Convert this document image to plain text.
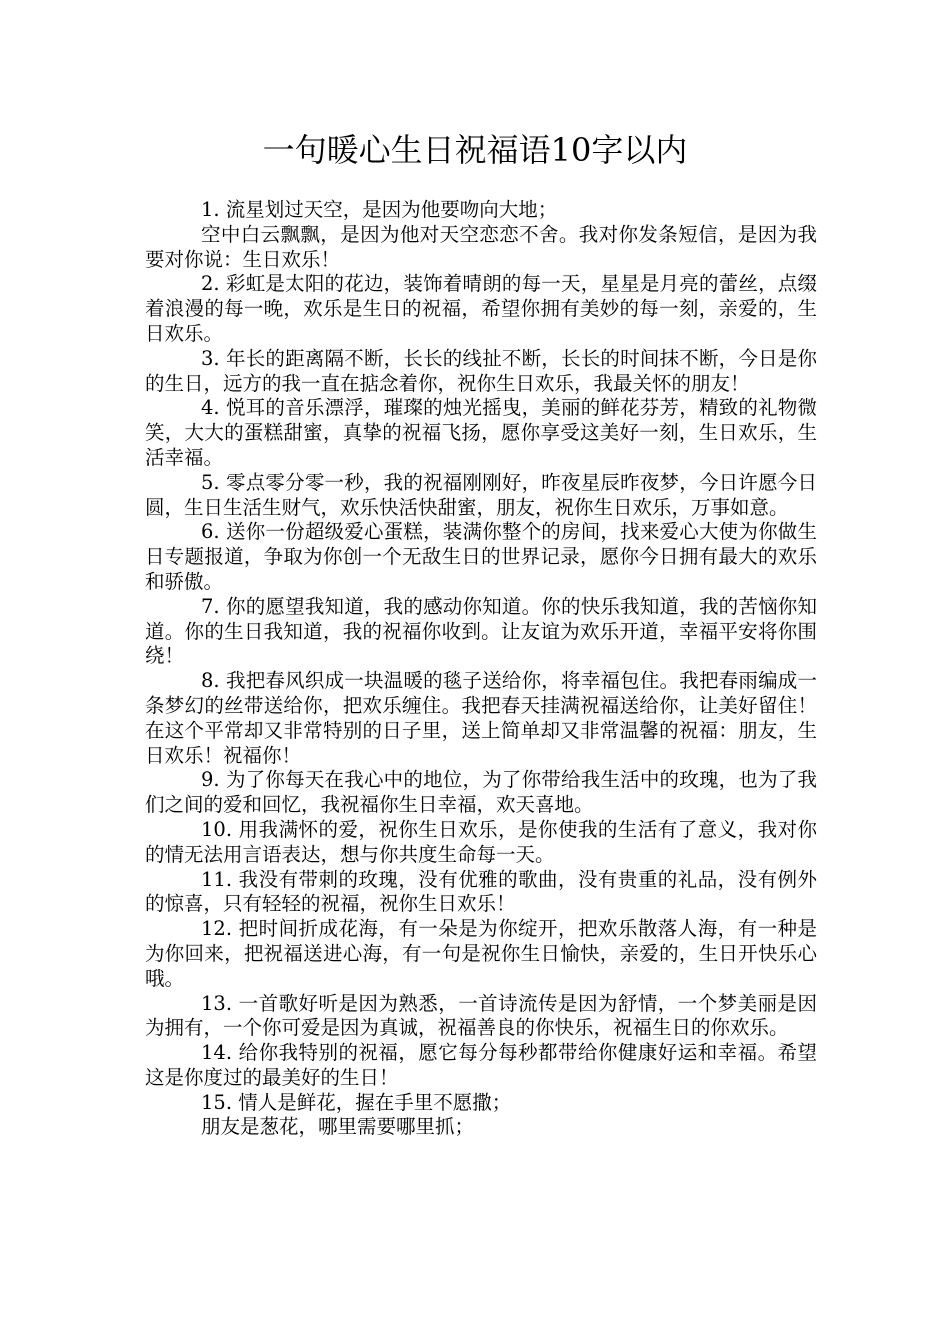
一句暖心生日祝福语10字以内

1. 流星划过天空，是因为他要吻向大地；

空中白云飘飘，是因为他对天空恋恋不舍。我对你发条短信，是因为我要对你说：生日欢乐！

2. 彩虹是太阳的花边，装饰着晴朗的每一天，星星是月亮的蕾丝，点缀着浪漫的每一晚，欢乐是生日的祝福，希望你拥有美妙的每一刻，亲爱的，生日欢乐。

3. 年长的距离隔不断，长长的线扯不断，长长的时间抹不断，今日是你的生日，远方的我一直在掂念着你，祝你生日欢乐，我最关怀的朋友！

4. 悦耳的音乐漂浮，璀璨的烛光摇曳，美丽的鲜花芬芳，精致的礼物微笑，大大的蛋糕甜蜜，真挚的祝福飞扬，愿你享受这美好一刻，生日欢乐，生活幸福。

5. 零点零分零一秒，我的祝福刚刚好，昨夜星辰昨夜梦，今日许愿今日圆，生日生活生财气，欢乐快活快甜蜜，朋友，祝你生日欢乐，万事如意。

6. 送你一份超级爱心蛋糕，装满你整个的房间，找来爱心大使为你做生日专题报道，争取为你创一个无敌生日的世界记录，愿你今日拥有最大的欢乐和骄傲。

7. 你的愿望我知道，我的感动你知道。你的快乐我知道，我的苦恼你知道。你的生日我知道，我的祝福你收到。让友谊为欢乐开道，幸福平安将你围绕！

8. 我把春风织成一块温暖的毯子送给你，将幸福包住。我把春雨编成一条梦幻的丝带送给你，把欢乐缠住。我把春天挂满祝福送给你，让美好留住！在这个平常却又非常特别的日子里，送上简单却又非常温馨的祝福：朋友，生日欢乐！祝福你！

9. 为了你每天在我心中的地位，为了你带给我生活中的玫瑰，也为了我们之间的爱和回忆，我祝福你生日幸福，欢天喜地。

10. 用我满怀的爱，祝你生日欢乐，是你使我的生活有了意义，我对你的情无法用言语表达，想与你共度生命每一天。

11. 我没有带刺的玫瑰，没有优雅的歌曲，没有贵重的礼品，没有例外的惊喜，只有轻轻的祝福，祝你生日欢乐！

12. 把时间折成花海，有一朵是为你绽开，把欢乐散落人海，有一种是为你回来，把祝福送进心海，有一句是祝你生日愉快，亲爱的，生日开快乐心哦。

13. 一首歌好听是因为熟悉，一首诗流传是因为舒情，一个梦美丽是因为拥有，一个你可爱是因为真诚，祝福善良的你快乐，祝福生日的你欢乐。

14. 给你我特别的祝福，愿它每分每秒都带给你健康好运和幸福。希望这是你度过的最美好的生日！

15. 情人是鲜花，握在手里不愿撒；

朋友是葱花，哪里需要哪里抓；
